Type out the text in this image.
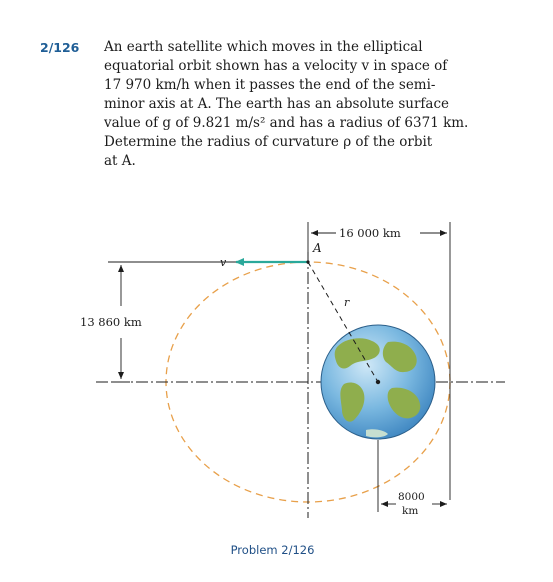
2/126 An earth satellite which moves in the elliptical
equatorial orbit shown has a velocity v in space of
17 970 km/h when it passes the end of the semi-
minor axis at A. The earth has an absolute surface
value of g of 9.821 m/s² and has a radius of 6371 km.
Determine the radius of curvature ρ of the orbit
at A.
16 000 km
13 860 km
A
v
r
8000
km
Problem 2/126
